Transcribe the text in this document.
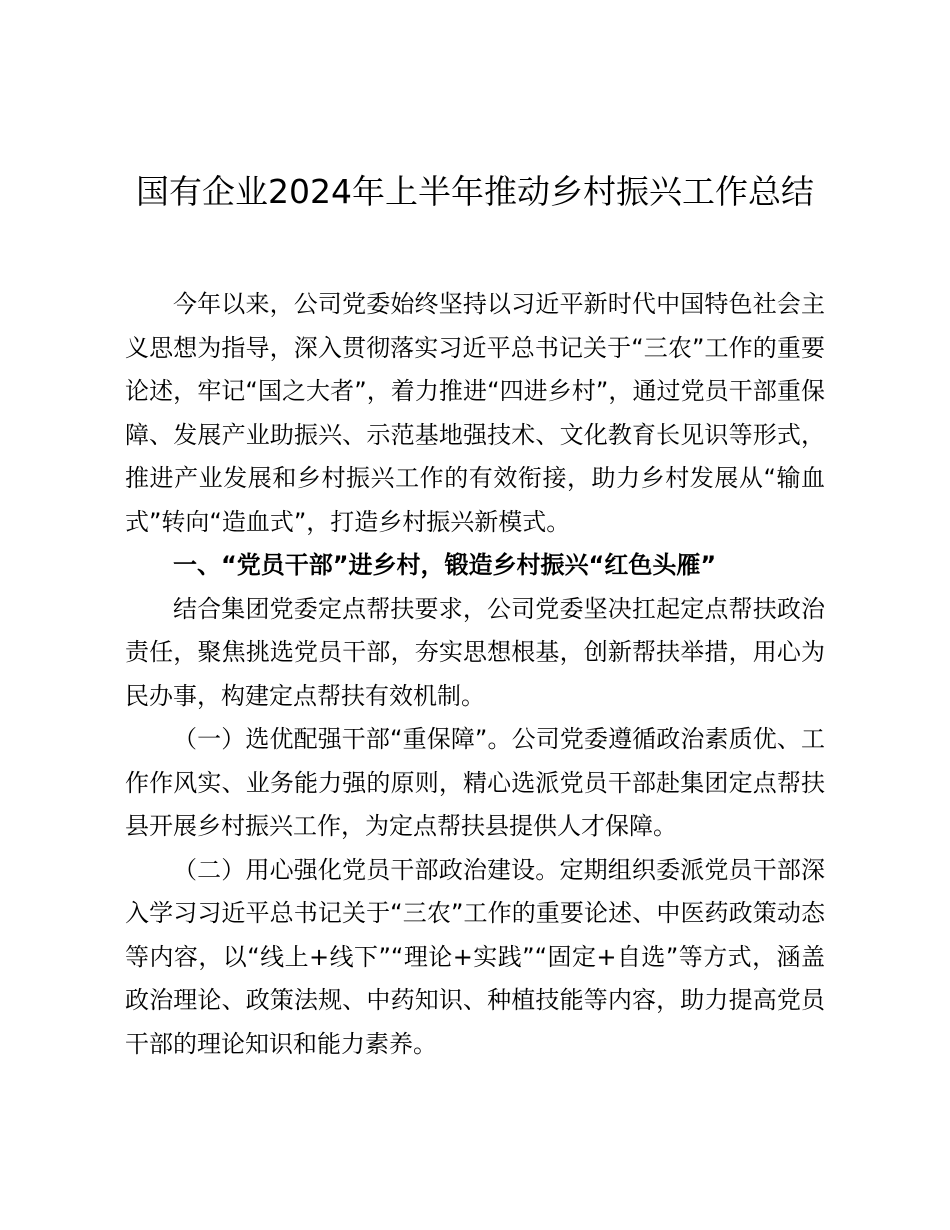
国有企业2024年上半年推动乡村振兴工作总结

今年以来，公司党委始终坚持以习近平新时代中国特色社会主义思想为指导，深入贯彻落实习近平总书记关于“三农”工作的重要论述，牢记“国之大者”，着力推进“四进乡村”，通过党员干部重保障、发展产业助振兴、示范基地强技术、文化教育长见识等形式，推进产业发展和乡村振兴工作的有效衔接，助力乡村发展从“输血式”转向“造血式”，打造乡村振兴新模式。

一、“党员干部”进乡村，锻造乡村振兴“红色头雁”

结合集团党委定点帮扶要求，公司党委坚决扛起定点帮扶政治责任，聚焦挑选党员干部，夯实思想根基，创新帮扶举措，用心为民办事，构建定点帮扶有效机制。

（一）选优配强干部“重保障”。公司党委遵循政治素质优、工作作风实、业务能力强的原则，精心选派党员干部赴集团定点帮扶县开展乡村振兴工作，为定点帮扶县提供人才保障。

（二）用心强化党员干部政治建设。定期组织委派党员干部深入学习习近平总书记关于“三农”工作的重要论述、中医药政策动态等内容，以“线上+线下”“理论+实践”“固定+自选”等方式，涵盖政治理论、政策法规、中药知识、种植技能等内容，助力提高党员干部的理论知识和能力素养。
